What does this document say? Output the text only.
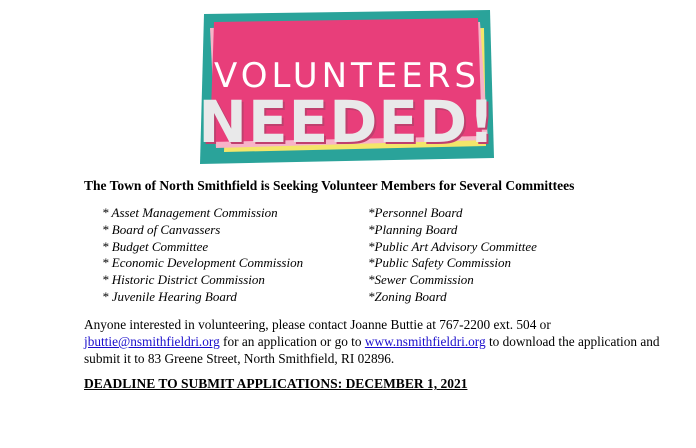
VOLUNTEERS
NEEDED!
The Town of North Smithfield is Seeking Volunteer Members for Several Committees
* Asset Management Commission
* Board of Canvassers
* Budget Committee
* Economic Development Commission
* Historic District Commission
* Juvenile Hearing Board
*Personnel Board
*Planning Board
*Public Art Advisory Committee
*Public Safety Commission
*Sewer Commission
*Zoning Board
Anyone interested in volunteering, please contact Joanne Buttie at 767-2200 ext. 504 or
jbuttie@nsmithfieldri.org for an application or go to www.nsmithfieldri.org to download the application and submit it to 83 Greene Street, North Smithfield, RI 02896.
DEADLINE TO SUBMIT APPLICATIONS: DECEMBER 1, 2021
